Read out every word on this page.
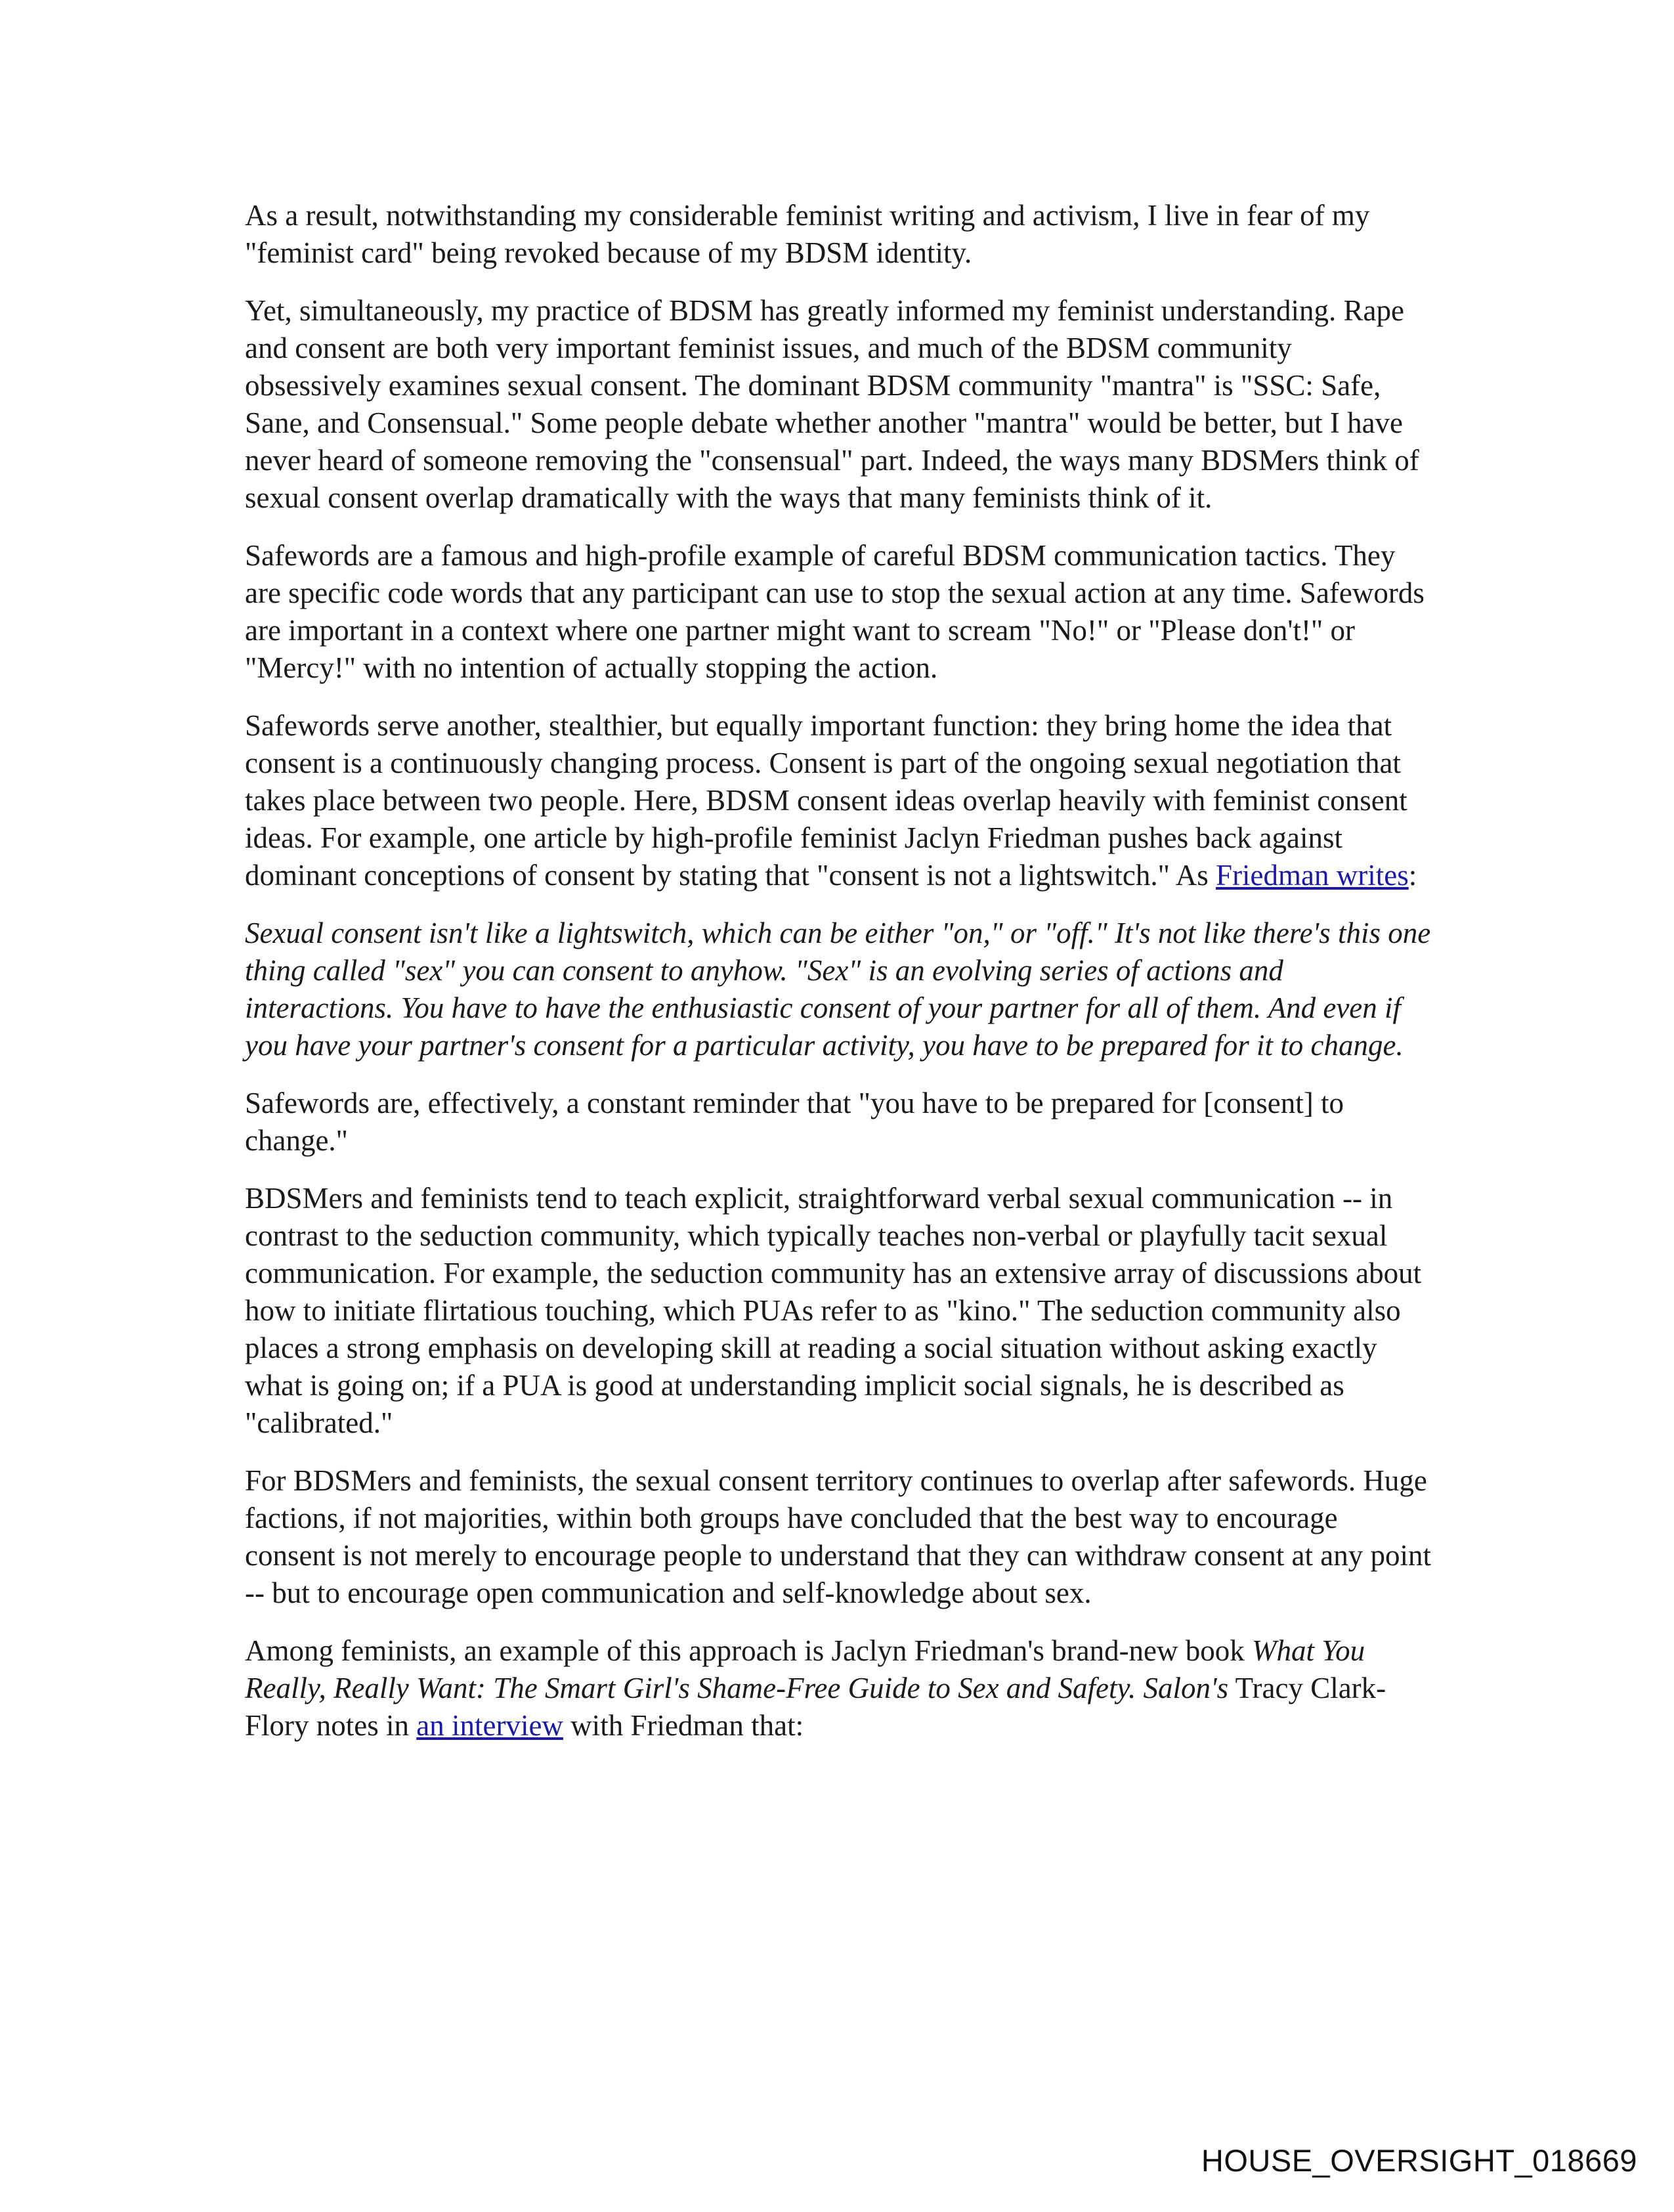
As a result, notwithstanding my considerable feminist writing and activism, I live in fear of my "feminist card" being revoked because of my BDSM identity.

Yet, simultaneously, my practice of BDSM has greatly informed my feminist understanding. Rape and consent are both very important feminist issues, and much of the BDSM community obsessively examines sexual consent. The dominant BDSM community "mantra" is "SSC: Safe, Sane, and Consensual." Some people debate whether another "mantra" would be better, but I have never heard of someone removing the "consensual" part. Indeed, the ways many BDSMers think of sexual consent overlap dramatically with the ways that many feminists think of it.

Safewords are a famous and high-profile example of careful BDSM communication tactics. They are specific code words that any participant can use to stop the sexual action at any time. Safewords are important in a context where one partner might want to scream "No!" or "Please don't!" or "Mercy!" with no intention of actually stopping the action.

Safewords serve another, stealthier, but equally important function: they bring home the idea that consent is a continuously changing process. Consent is part of the ongoing sexual negotiation that takes place between two people. Here, BDSM consent ideas overlap heavily with feminist consent ideas. For example, one article by high-profile feminist Jaclyn Friedman pushes back against dominant conceptions of consent by stating that "consent is not a lightswitch." As Friedman writes:

Sexual consent isn't like a lightswitch, which can be either "on," or "off." It's not like there's this one thing called "sex" you can consent to anyhow. "Sex" is an evolving series of actions and interactions. You have to have the enthusiastic consent of your partner for all of them. And even if you have your partner's consent for a particular activity, you have to be prepared for it to change.

Safewords are, effectively, a constant reminder that "you have to be prepared for [consent] to change."

BDSMers and feminists tend to teach explicit, straightforward verbal sexual communication -- in contrast to the seduction community, which typically teaches non-verbal or playfully tacit sexual communication. For example, the seduction community has an extensive array of discussions about how to initiate flirtatious touching, which PUAs refer to as "kino." The seduction community also places a strong emphasis on developing skill at reading a social situation without asking exactly what is going on; if a PUA is good at understanding implicit social signals, he is described as "calibrated."

For BDSMers and feminists, the sexual consent territory continues to overlap after safewords. Huge factions, if not majorities, within both groups have concluded that the best way to encourage consent is not merely to encourage people to understand that they can withdraw consent at any point -- but to encourage open communication and self-knowledge about sex.

Among feminists, an example of this approach is Jaclyn Friedman's brand-new book What You Really, Really Want: The Smart Girl's Shame-Free Guide to Sex and Safety. Salon's Tracy Clark-Flory notes in an interview with Friedman that:

HOUSE_OVERSIGHT_018669
